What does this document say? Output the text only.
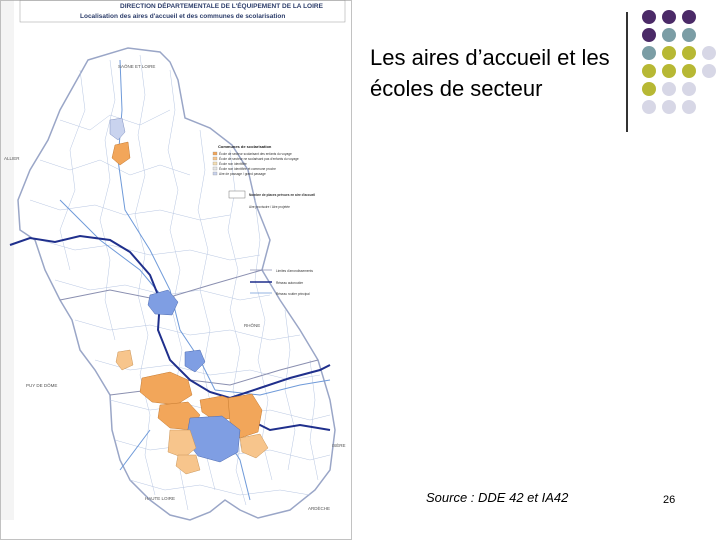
DIRECTION DÉPARTEMENTALE DE L'ÉQUIPEMENT DE LA LOIRE
Localisation des aires d'accueil et des communes de scolarisation
SAÔNE ET LOIRE
ALLIER
RHÔNE
PUY DE DÔME
ISÈRE
HAUTE LOIRE
ARDÈCHE
Communes de scolarisation
École de secteur scolarisant des enfants du voyage
École de secteur ne scolarisant pas d'enfants du voyage
École non identifiée
École non identifiée et commune proche
Aire de passage / grand passage
Nombre de places prévues en aire d'accueil
Aire provisoire / Aire projetée
Limites d'arrondissements
Réseau autoroutier
Réseau routier principal
Les aires d’accueil et les écoles de secteur
Source : DDE 42 et IA42	26
